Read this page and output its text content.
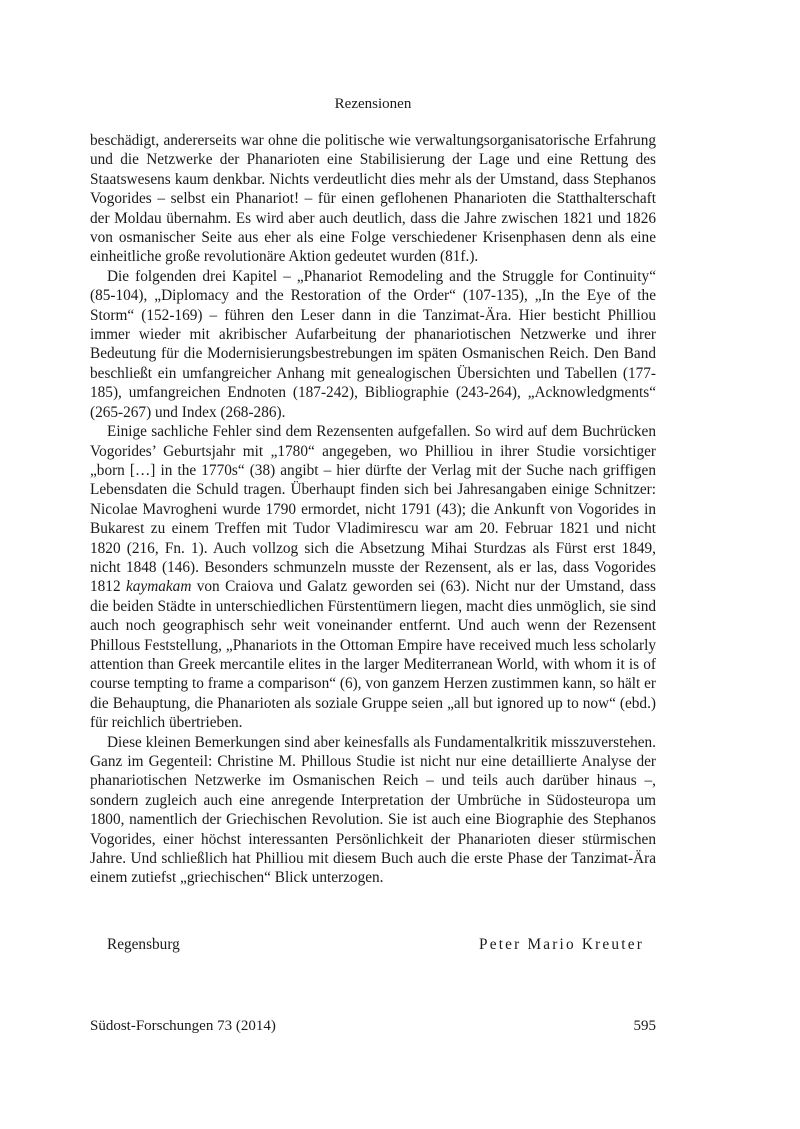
Rezensionen

beschädigt, andererseits war ohne die politische wie verwaltungsorganisatorische Erfahrung und die Netzwerke der Phanarioten eine Stabilisierung der Lage und eine Rettung des Staatswesens kaum denkbar. Nichts verdeutlicht dies mehr als der Umstand, dass Stephanos Vogorides – selbst ein Phanariot! – für einen geflohenen Phanarioten die Statthalterschaft der Moldau übernahm. Es wird aber auch deutlich, dass die Jahre zwischen 1821 und 1826 von osmanischer Seite aus eher als eine Folge verschiedener Krisenphasen denn als eine einheitliche große revolutionäre Aktion gedeutet wurden (81f.).

Die folgenden drei Kapitel – „Phanariot Remodeling and the Struggle for Continuity“ (85-104), „Diplomacy and the Restoration of the Order“ (107-135), „In the Eye of the Storm“ (152-169) – führen den Leser dann in die Tanzimat-Ära. Hier besticht Philliou immer wieder mit akribischer Aufarbeitung der phanariotischen Netzwerke und ihrer Bedeutung für die Modernisierungsbestrebungen im späten Osmanischen Reich. Den Band beschließt ein umfangreicher Anhang mit genealogischen Übersichten und Tabellen (177-185), umfangreichen Endnoten (187-242), Bibliographie (243-264), „Acknowledgments“ (265-267) und Index (268-286).

Einige sachliche Fehler sind dem Rezensenten aufgefallen. So wird auf dem Buchrücken Vogorides’ Geburtsjahr mit „1780“ angegeben, wo Philliou in ihrer Studie vorsichtiger „born […] in the 1770s“ (38) angibt – hier dürfte der Verlag mit der Suche nach griffigen Lebensdaten die Schuld tragen. Überhaupt finden sich bei Jahresangaben einige Schnitzer: Nicolae Mavrogheni wurde 1790 ermordet, nicht 1791 (43); die Ankunft von Vogorides in Bukarest zu einem Treffen mit Tudor Vladimirescu war am 20. Februar 1821 und nicht 1820 (216, Fn. 1). Auch vollzog sich die Absetzung Mihai Sturdzas als Fürst erst 1849, nicht 1848 (146). Besonders schmunzeln musste der Rezensent, als er las, dass Vogorides 1812 kaymakam von Craiova und Galatz geworden sei (63). Nicht nur der Umstand, dass die beiden Städte in unterschiedlichen Fürstentümern liegen, macht dies unmöglich, sie sind auch noch geographisch sehr weit voneinander entfernt. Und auch wenn der Rezensent Phillous Feststellung, „Phanariots in the Ottoman Empire have received much less scholarly attention than Greek mercantile elites in the larger Mediterranean World, with whom it is of course tempting to frame a comparison“ (6), von ganzem Herzen zustimmen kann, so hält er die Behauptung, die Phanarioten als soziale Gruppe seien „all but ignored up to now“ (ebd.) für reichlich übertrieben.

Diese kleinen Bemerkungen sind aber keinesfalls als Fundamentalkritik misszuverstehen. Ganz im Gegenteil: Christine M. Phillous Studie ist nicht nur eine detaillierte Analyse der phanariotischen Netzwerke im Osmanischen Reich – und teils auch darüber hinaus –, sondern zugleich auch eine anregende Interpretation der Umbrüche in Südosteuropa um 1800, namentlich der Griechischen Revolution. Sie ist auch eine Biographie des Stephanos Vogorides, einer höchst interessanten Persönlichkeit der Phanarioten dieser stürmischen Jahre. Und schließlich hat Philliou mit diesem Buch auch die erste Phase der Tanzimat-Ära einem zutiefst „griechischen“ Blick unterzogen.

Regensburg	Peter Mario Kreuter
Südost-Forschungen 73 (2014)	595
